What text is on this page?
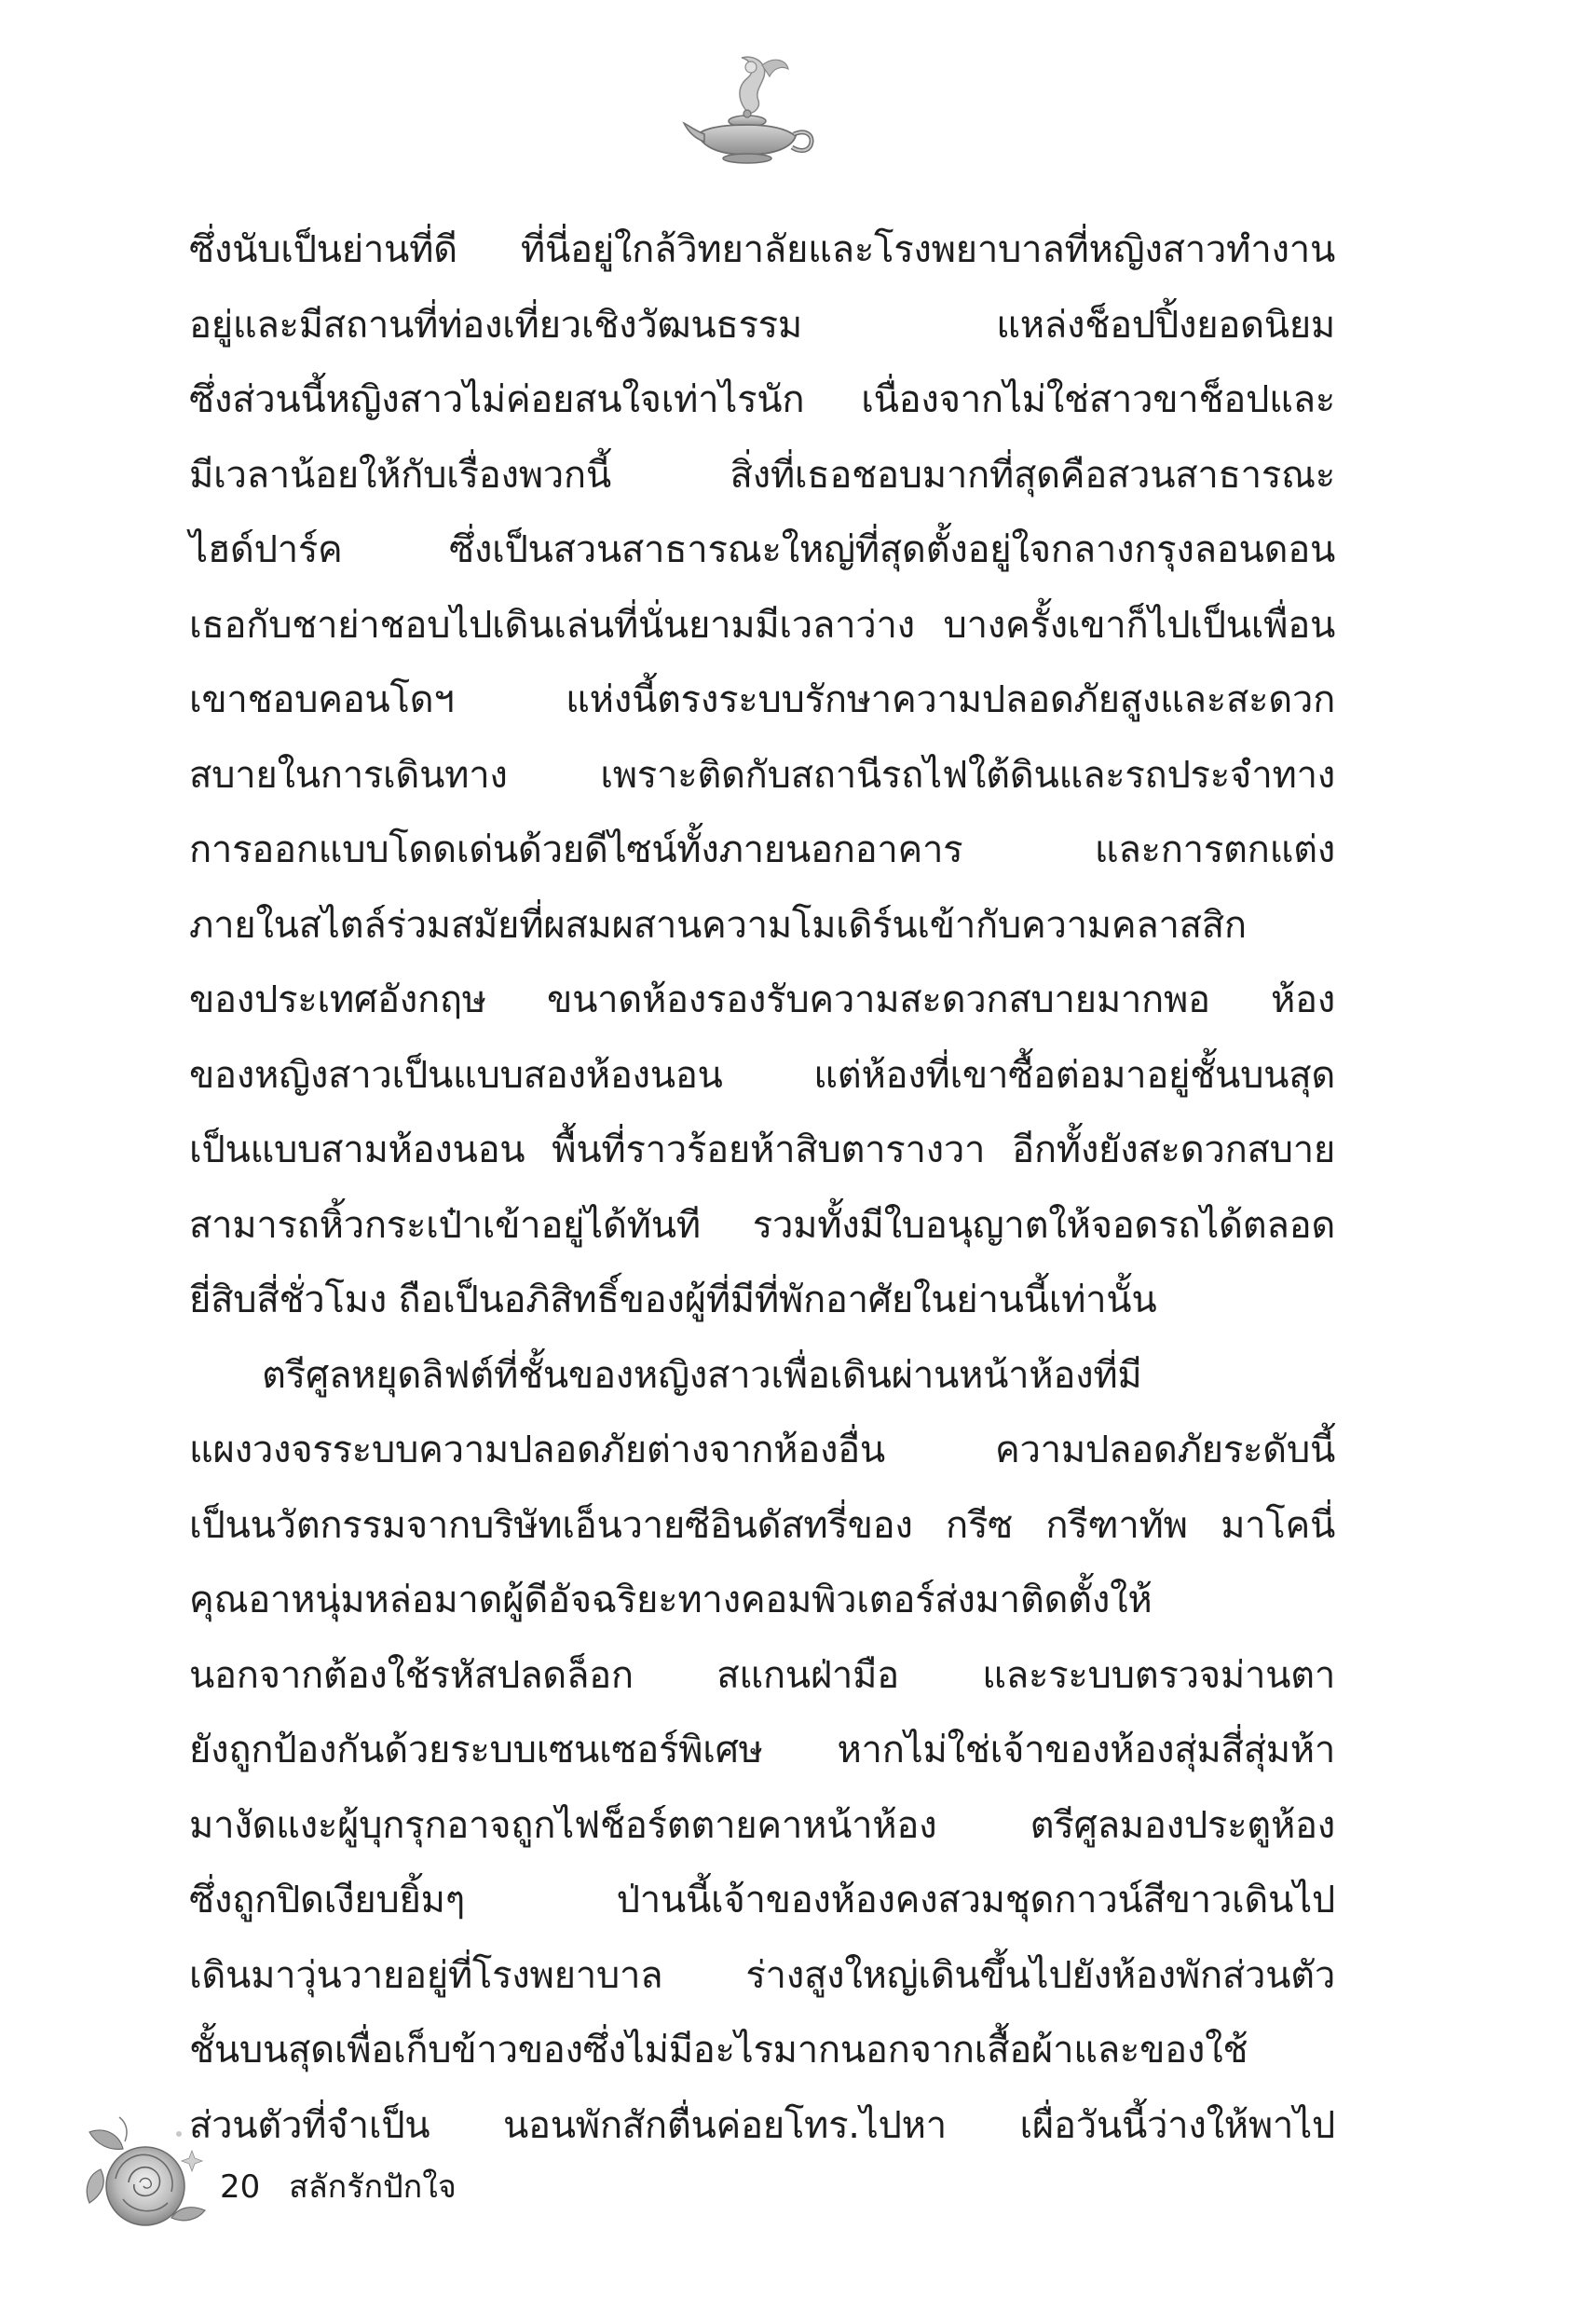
ซึ่งนับเป็นย่านที่ดี ที่นี่อยู่ใกล้วิทยาลัยและโรงพยาบาลที่หญิงสาวทำงาน
อยู่และมีสถานที่ท่องเที่ยวเชิงวัฒนธรรม แหล่งช็อปปิ้งยอดนิยม
ซึ่งส่วนนี้หญิงสาวไม่ค่อยสนใจเท่าไรนัก เนื่องจากไม่ใช่สาวขาช็อปและ
มีเวลาน้อยให้กับเรื่องพวกนี้ สิ่งที่เธอชอบมากที่สุดคือสวนสาธารณะ
ไฮด์ปาร์ค ซึ่งเป็นสวนสาธารณะใหญ่ที่สุดตั้งอยู่ใจกลางกรุงลอนดอน
เธอกับชาย่าชอบไปเดินเล่นที่นั่นยามมีเวลาว่าง บางครั้งเขาก็ไปเป็นเพื่อน
เขาชอบคอนโดฯ แห่งนี้ตรงระบบรักษาความปลอดภัยสูงและสะดวก
สบายในการเดินทาง เพราะติดกับสถานีรถไฟใต้ดินและรถประจำทาง
การออกแบบโดดเด่นด้วยดีไซน์ทั้งภายนอกอาคาร และการตกแต่ง
ภายในสไตล์ร่วมสมัยที่ผสมผสานความโมเดิร์นเข้ากับความคลาสสิก
ของประเทศอังกฤษ ขนาดห้องรองรับความสะดวกสบายมากพอ ห้อง
ของหญิงสาวเป็นแบบสองห้องนอน แต่ห้องที่เขาซื้อต่อมาอยู่ชั้นบนสุด
เป็นแบบสามห้องนอน พื้นที่ราวร้อยห้าสิบตารางวา อีกทั้งยังสะดวกสบาย
สามารถหิ้วกระเป๋าเข้าอยู่ได้ทันที รวมทั้งมีใบอนุญาตให้จอดรถได้ตลอด
ยี่สิบสี่ชั่วโมง ถือเป็นอภิสิทธิ์ของผู้ที่มีที่พักอาศัยในย่านนี้เท่านั้น
ตรีศูลหยุดลิฟต์ที่ชั้นของหญิงสาวเพื่อเดินผ่านหน้าห้องที่มี
แผงวงจรระบบความปลอดภัยต่างจากห้องอื่น ความปลอดภัยระดับนี้
เป็นนวัตกรรมจากบริษัทเอ็นวายซีอินดัสทรี่ของ กรีซ กรีฑาทัพ มาโคนี่
คุณอาหนุ่มหล่อมาดผู้ดีอัจฉริยะทางคอมพิวเตอร์ส่งมาติดตั้งให้
นอกจากต้องใช้รหัสปลดล็อก สแกนฝ่ามือ และระบบตรวจม่านตา
ยังถูกป้องกันด้วยระบบเซนเซอร์พิเศษ หากไม่ใช่เจ้าของห้องสุ่มสี่สุ่มห้า
มางัดแงะผู้บุกรุกอาจถูกไฟช็อร์ตตายคาหน้าห้อง ตรีศูลมองประตูห้อง
ซึ่งถูกปิดเงียบยิ้มๆ ป่านนี้เจ้าของห้องคงสวมชุดกาวน์สีขาวเดินไป
เดินมาวุ่นวายอยู่ที่โรงพยาบาล ร่างสูงใหญ่เดินขึ้นไปยังห้องพักส่วนตัว
ชั้นบนสุดเพื่อเก็บข้าวของซึ่งไม่มีอะไรมากนอกจากเสื้อผ้าและของใช้
ส่วนตัวที่จำเป็น นอนพักสักตื่นค่อยโทร.ไปหา เผื่อวันนี้ว่างให้พาไป
20 สลักรักปักใจ
